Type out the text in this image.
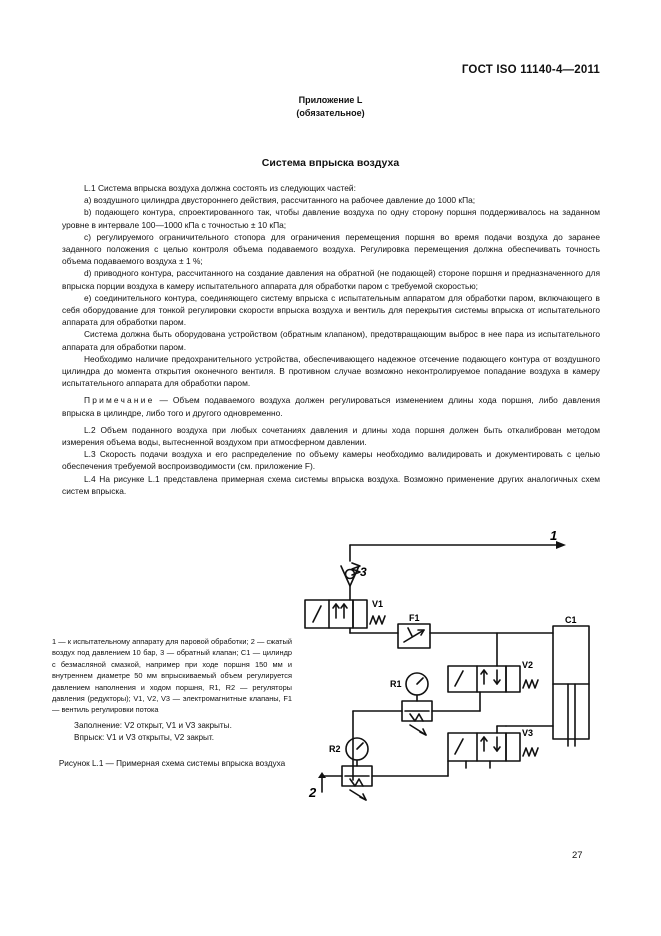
ГОСТ ISO 11140-4—2011
Приложение L
(обязательное)
Система впрыска воздуха

L.1 Система впрыска воздуха должна состоять из следующих частей:

а) воздушного цилиндра двустороннего действия, рассчитанного на рабочее давление до 1000 кПа;

b) подающего контура, спроектированного так, чтобы давление воздуха по одну сторону поршня поддерживалось на заданном уровне в интервале 100—1000 кПа с точностью ± 10 кПа;

с) регулируемого ограничительного стопора для ограничения перемещения поршня во время подачи воздуха до заранее заданного положения с целью контроля объема подаваемого воздуха. Регулировка перемещения должна обеспечивать точность объема подаваемого воздуха ± 1 %;

d) приводного контура, рассчитанного на создание давления на обратной (не подающей) стороне поршня и предназначенного для впрыска порции воздуха в камеру испытательного аппарата для обработки паром с требуемой скоростью;

е) соединительного контура, соединяющего систему впрыска с испытательным аппаратом для обработки паром, включающего в себя оборудование для тонкой регулировки скорости впрыска воздуха и вентиль для перекрытия системы впрыска от испытательного аппарата для обработки паром.

Система должна быть оборудована устройством (обратным клапаном), предотвращающим выброс в нее пара из испытательного аппарата для обработки паром.

Необходимо наличие предохранительного устройства, обеспечивающего надежное отсечение подающего контура от воздушного цилиндра до момента открытия оконечного вентиля. В противном случае возможно неконтролируемое попадание воздуха в камеру испытательного аппарата для обработки паром.

Примечание — Объем подаваемого воздуха должен регулироваться изменением длины хода поршня, либо давления впрыска в цилиндре, либо того и другого одновременно.

L.2 Объем поданного воздуха при любых сочетаниях давления и длины хода поршня должен быть откалиброван методом измерения объема воды, вытесненной воздухом при атмосферном давлении.

L.3 Скорость подачи воздуха и его распределение по объему камеры необходимо валидировать и документировать с целью обеспечения требуемой воспроизводимости (см. приложение F).

L.4 На рисунке L.1 представлена примерная схема системы впрыска воздуха. Возможно применение других аналогичных схем систем впрыска.

1 — к испытательному аппарату для паровой обработки; 2 — сжатый воздух под давлением 10 бар, 3 — обратный клапан; C1 — цилиндр с безмасляной смазкой, например при ходе поршня 150 мм и внутреннем диаметре 50 мм впрыскиваемый объем регулируется давлением наполнения и ходом поршня, R1, R2 — регуляторы давления (редукторы); V1, V2, V3 — электромагнитные клапаны, F1 — вентиль регулировки потока

Заполнение: V2 открыт, V1 и V3 закрыты.

Впрыск: V1 и V3 открыты, V2 закрыт.

Рисунок L.1 — Примерная схема системы впрыска воздуха

1
3
V1
F1	C1
R1
V2
V3
R2
2
27
